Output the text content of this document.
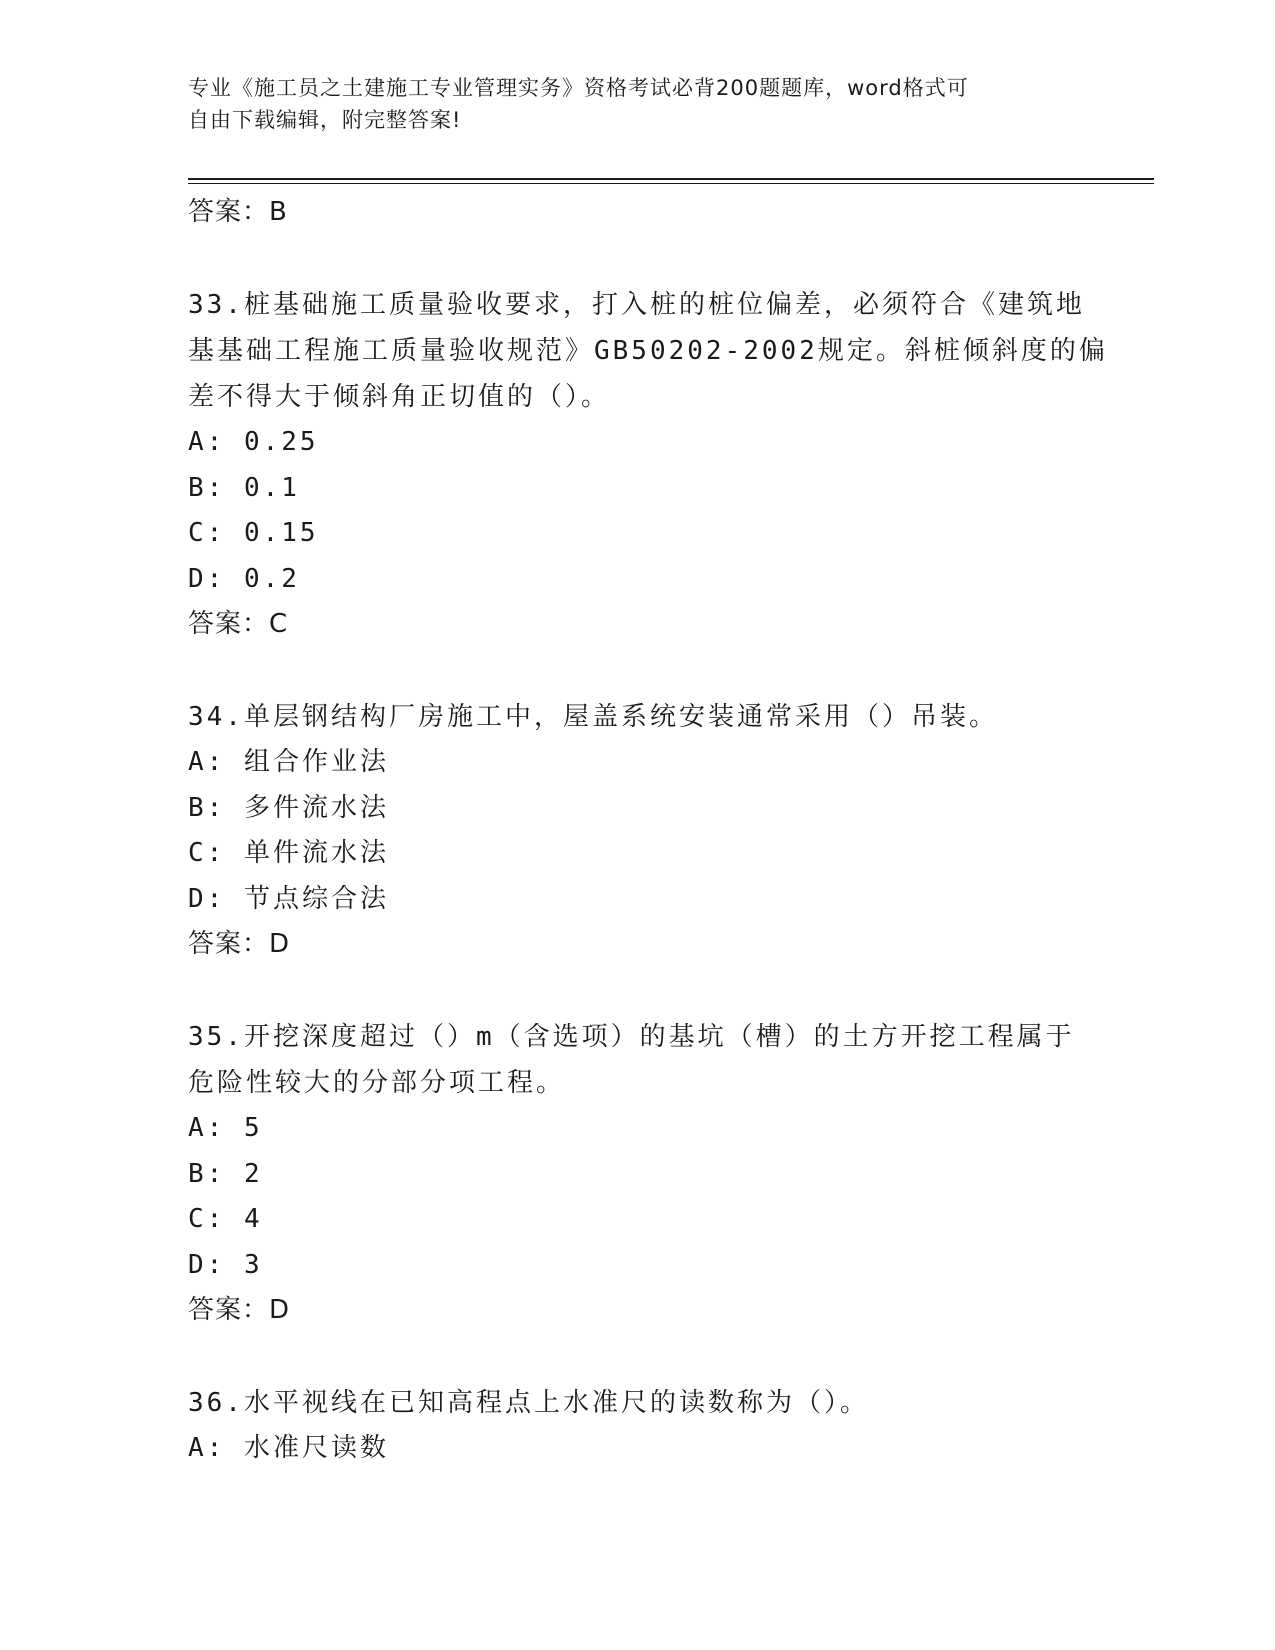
专业《施工员之土建施工专业管理实务》资格考试必背200题题库，word格式可
自由下载编辑，附完整答案!
答案：B
33.桩基础施工质量验收要求，打入桩的桩位偏差，必须符合《建筑地
基基础工程施工质量验收规范》GB50202-2002规定。斜桩倾斜度的偏
差不得大于倾斜角正切值的（）。
A: 0.25
B: 0.1
C: 0.15
D: 0.2
答案：C
34.单层钢结构厂房施工中，屋盖系统安装通常采用（）吊装。
A: 组合作业法
B: 多件流水法
C: 单件流水法
D: 节点综合法
答案：D
35.开挖深度超过（）m（含选项）的基坑（槽）的土方开挖工程属于
危险性较大的分部分项工程。
A: 5
B: 2
C: 4
D: 3
答案：D
36.水平视线在已知高程点上水准尺的读数称为（）。
A: 水准尺读数
